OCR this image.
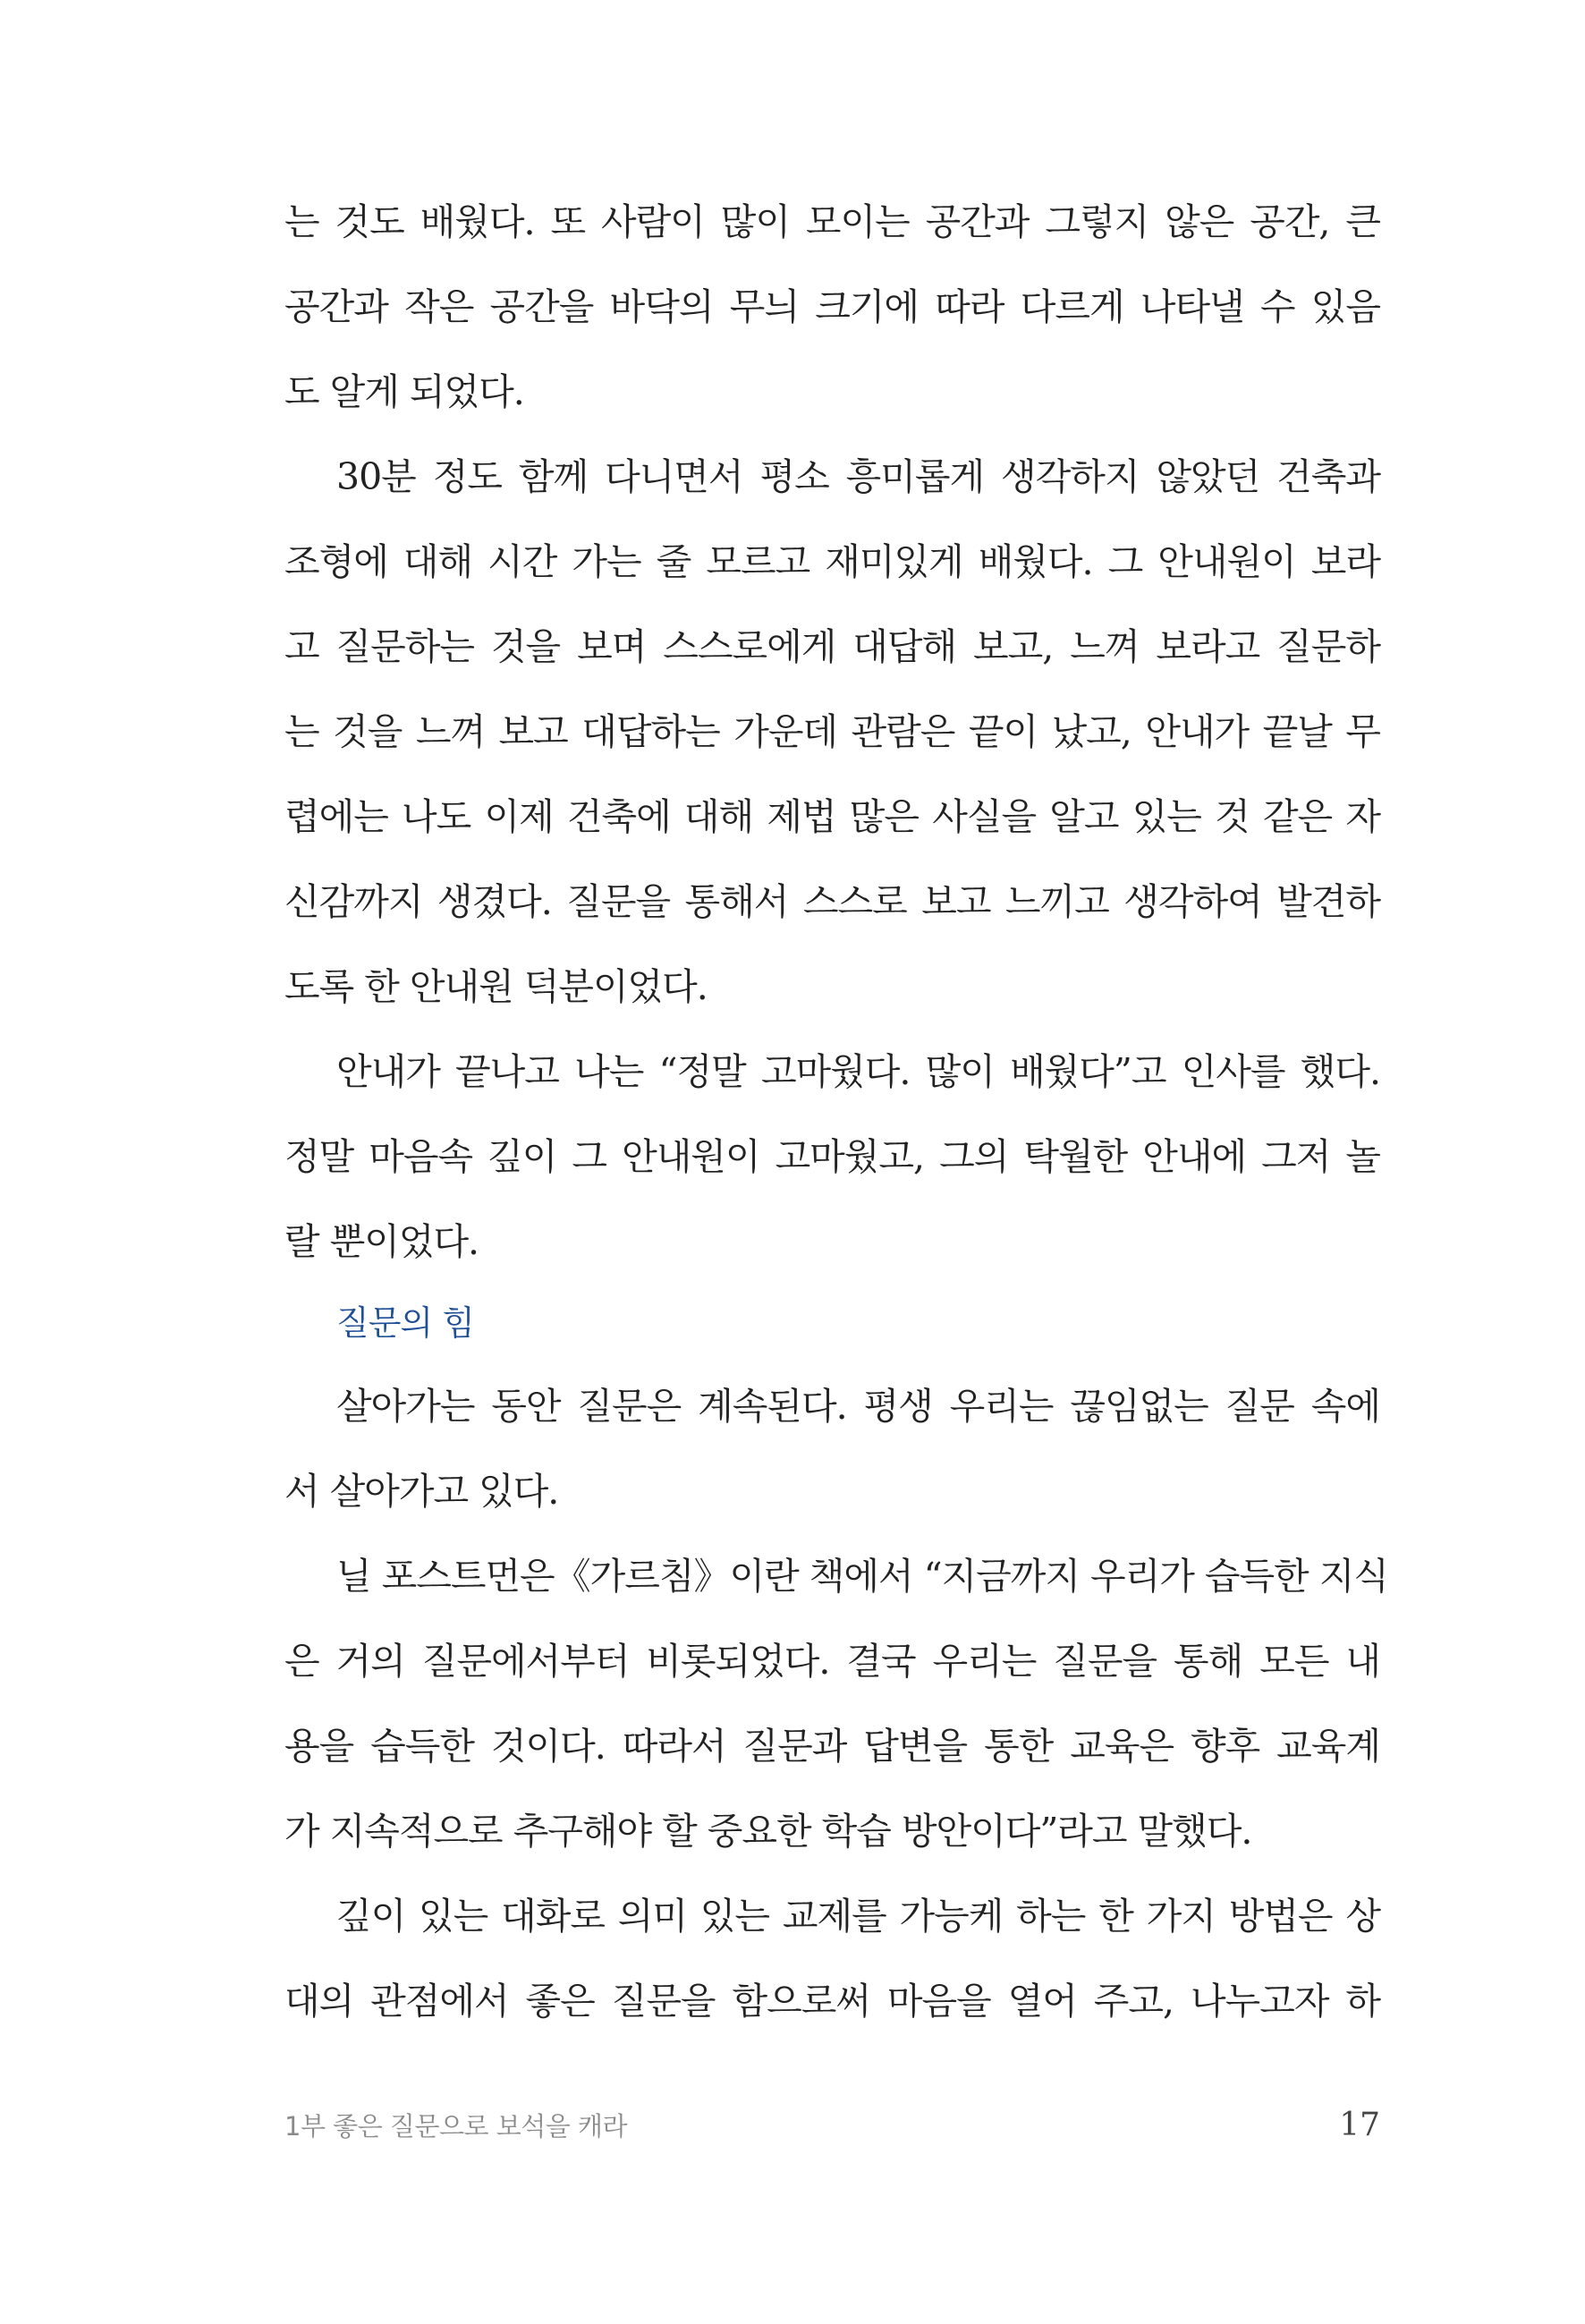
는 것도 배웠다. 또 사람이 많이 모이는 공간과 그렇지 않은 공간, 큰
공간과 작은 공간을 바닥의 무늬 크기에 따라 다르게 나타낼 수 있음
도 알게 되었다.
30분 정도 함께 다니면서 평소 흥미롭게 생각하지 않았던 건축과
조형에 대해 시간 가는 줄 모르고 재미있게 배웠다. 그 안내원이 보라
고 질문하는 것을 보며 스스로에게 대답해 보고, 느껴 보라고 질문하
는 것을 느껴 보고 대답하는 가운데 관람은 끝이 났고, 안내가 끝날 무
렵에는 나도 이제 건축에 대해 제법 많은 사실을 알고 있는 것 같은 자
신감까지 생겼다. 질문을 통해서 스스로 보고 느끼고 생각하여 발견하
도록 한 안내원 덕분이었다.
안내가 끝나고 나는 “정말 고마웠다. 많이 배웠다”고 인사를 했다.
정말 마음속 깊이 그 안내원이 고마웠고, 그의 탁월한 안내에 그저 놀
랄 뿐이었다.
질문의 힘
살아가는 동안 질문은 계속된다. 평생 우리는 끊임없는 질문 속에
서 살아가고 있다.
닐 포스트먼은《가르침》이란 책에서 “지금까지 우리가 습득한 지식
은 거의 질문에서부터 비롯되었다. 결국 우리는 질문을 통해 모든 내
용을 습득한 것이다. 따라서 질문과 답변을 통한 교육은 향후 교육계
가 지속적으로 추구해야 할 중요한 학습 방안이다”라고 말했다.
깊이 있는 대화로 의미 있는 교제를 가능케 하는 한 가지 방법은 상
대의 관점에서 좋은 질문을 함으로써 마음을 열어 주고, 나누고자 하
1부 좋은 질문으로 보석을 캐라	17
